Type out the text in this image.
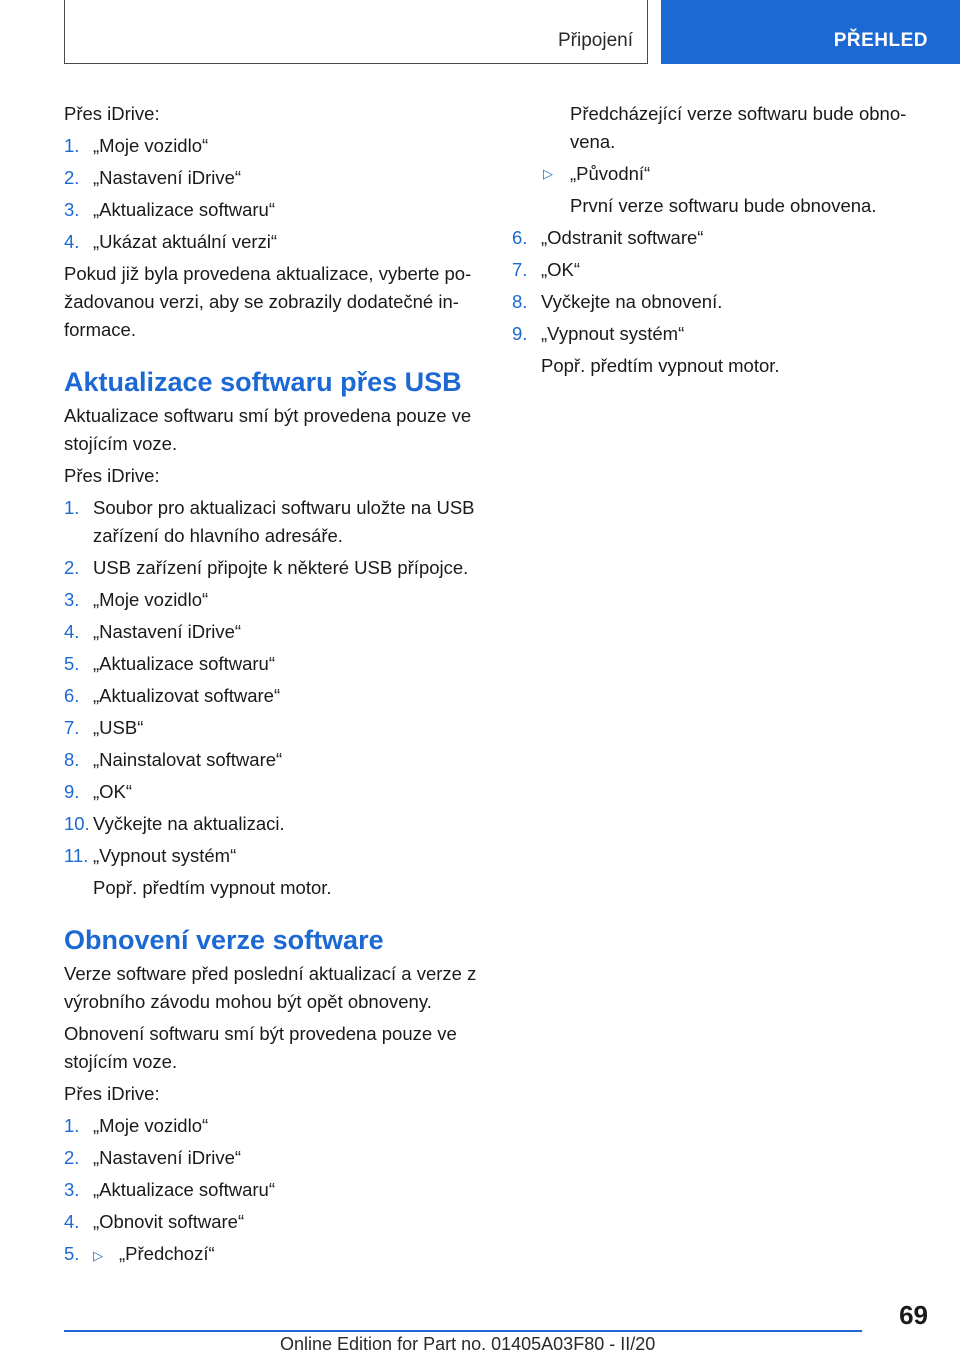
Připojení	PŘEHLED

Přes iDrive:

1. „Moje vozidlo“
2. „Nastavení iDrive“
3. „Aktualizace softwaru“
4. „Ukázat aktuální verzi“

Pokud již byla provedena aktualizace, vyberte po- žadovanou verzi, aby se zobrazily dodatečné in- formace.

Aktualizace softwaru přes USB

Aktualizace softwaru smí být provedena pouze ve stojícím voze.

Přes iDrive:

1. Soubor pro aktualizaci softwaru uložte na USB zařízení do hlavního adresáře.
2. USB zařízení připojte k některé USB přípojce.
3. „Moje vozidlo“
4. „Nastavení iDrive“
5. „Aktualizace softwaru“
6. „Aktualizovat software“
7. „USB“
8. „Nainstalovat software“
9. „OK“
10. Vyčkejte na aktualizaci.
11. „Vypnout systém“
Popř. předtím vypnout motor.
Obnovení verze software

Verze software před poslední aktualizací a verze z výrobního závodu mohou být opět obnoveny.

Obnovení softwaru smí být provedena pouze ve stojícím voze.

Přes iDrive:

1. „Moje vozidlo“
2. „Nastavení iDrive“
3. „Aktualizace softwaru“
4. „Obnovit software“
5. ▷ „Předchozí“

Předcházející verze softwaru bude obno- vena.

▷ „Původní“

První verze softwaru bude obnovena.

6. „Odstranit software“
7. „OK“
8. Vyčkejte na obnovení.
9. „Vypnout systém“
Popř. předtím vypnout motor.
69
Online Edition for Part no. 01405A03F80 - II/20
